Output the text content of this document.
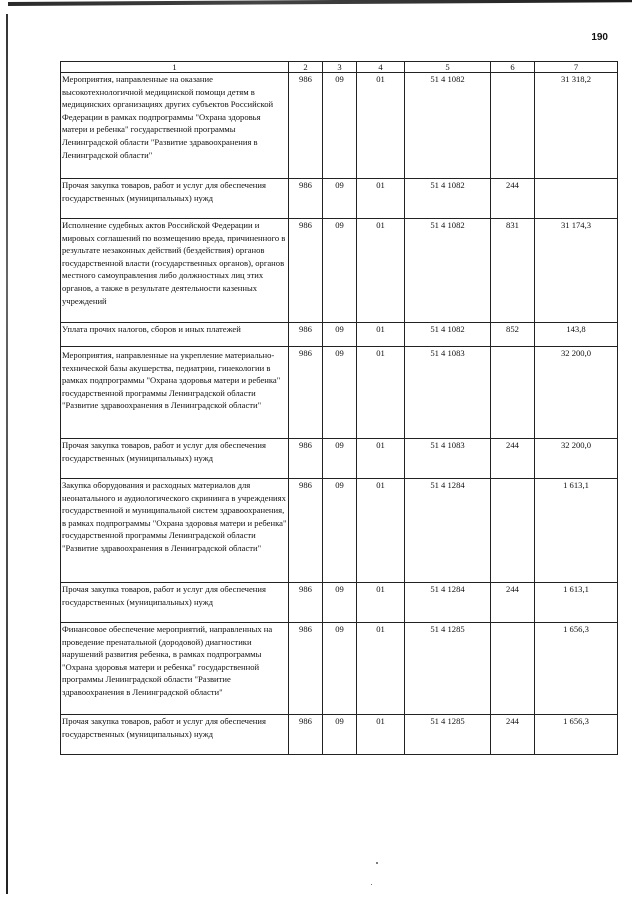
190
1	2	3	4	5	6	7
Мероприятия, направленные на оказание высокотехнологичной медицинской помощи детям в медицинских организациях других субъектов Российской Федерации в рамках подпрограммы "Охрана здоровья матери и ребенка" государственной программы Ленинградской области "Развитие здравоохранения в Ленинградской области"	986	09	01	51 4 1082		31 318,2
Прочая закупка товаров, работ и услуг для обеспечения государственных (муниципальных) нужд	986	09	01	51 4 1082	244	
Исполнение судебных актов Российской Федерации и мировых соглашений по возмещению вреда, причиненного в результате незаконных действий (бездействия) органов государственной власти (государственных органов), органов местного самоуправления либо должностных лиц этих органов, а также в результате деятельности казенных учреждений	986	09	01	51 4 1082	831	31 174,3
Уплата прочих налогов, сборов и иных платежей	986	09	01	51 4 1082	852	143,8
Мероприятия, направленные на укрепление материально-технической базы акушерства, педиатрии, гинекологии в рамках подпрограммы "Охрана здоровья матери и ребенка" государственной программы Ленинградской области "Развитие здравоохранения в Ленинградской области"	986	09	01	51 4 1083		32 200,0
Прочая закупка товаров, работ и услуг для обеспечения государственных (муниципальных) нужд	986	09	01	51 4 1083	244	32 200,0
Закупка оборудования и расходных материалов для неонатального и аудиологического скрининга в учреждениях государственной и муниципальной систем здравоохранения, в рамках подпрограммы "Охрана здоровья матери и ребенка" государственной программы Ленинградской области "Развитие здравоохранения в Ленинградской области"	986	09	01	51 4 1284		1 613,1
Прочая закупка товаров, работ и услуг для обеспечения государственных (муниципальных) нужд	986	09	01	51 4 1284	244	1 613,1
Финансовое обеспечение мероприятий, направленных на проведение пренатальной (дородовой) диагностики нарушений развития ребенка, в рамках подпрограммы "Охрана здоровья матери и ребенка" государственной программы Ленинградской области "Развитие здравоохранения в Ленинградской области"	986	09	01	51 4 1285		1 656,3
Прочая закупка товаров, работ и услуг для обеспечения государственных (муниципальных) нужд	986	09	01	51 4 1285	244	1 656,3
